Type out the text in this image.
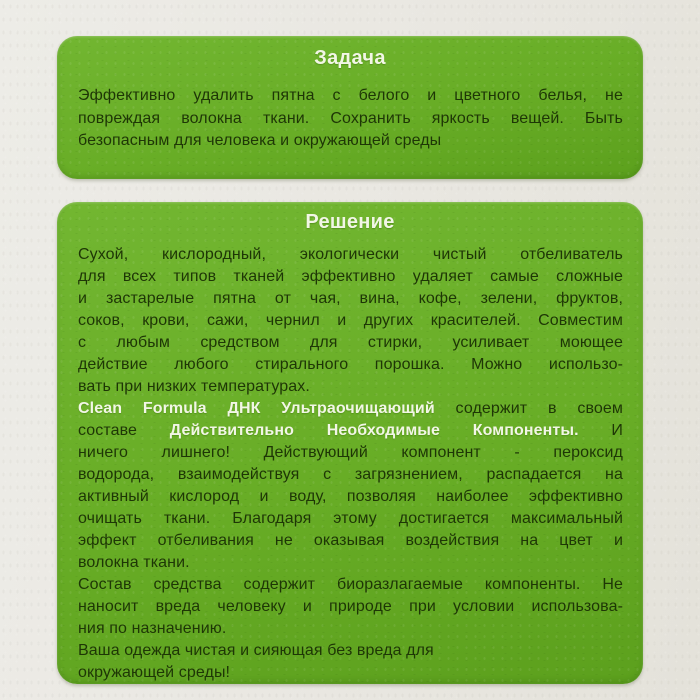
Задача
Эффективно удалить пятна с белого и цветного белья, не
повреждая волокна ткани. Сохранить яркость вещей. Быть
безопасным для человека и окружающей среды
Решение
Сухой, кислородный, экологически чистый отбеливатель
для всех типов тканей эффективно удаляет самые сложные
и застарелые пятна от чая, вина, кофе, зелени, фруктов,
соков, крови, сажи, чернил и других красителей. Совместим
с любым средством для стирки, усиливает моющее
действие любого стирального порошка. Можно использо-
вать при низких температурах.
Clean Formula ДНК Ультраочищающий содержит в своем
составе Действительно Необходимые Компоненты. И
ничего лишнего! Действующий компонент - пероксид
водорода, взаимодействуя с загрязнением, распадается на
активный кислород и воду, позволяя наиболее эффективно
очищать ткани. Благодаря этому достигается максимальный
эффект отбеливания не оказывая воздействия на цвет и
волокна ткани.
Состав средства содержит биоразлагаемые компоненты. Не
наносит вреда человеку и природе при условии использова-
ния по назначению.
Ваша одежда чистая и сияющая без вреда для
окружающей среды!
